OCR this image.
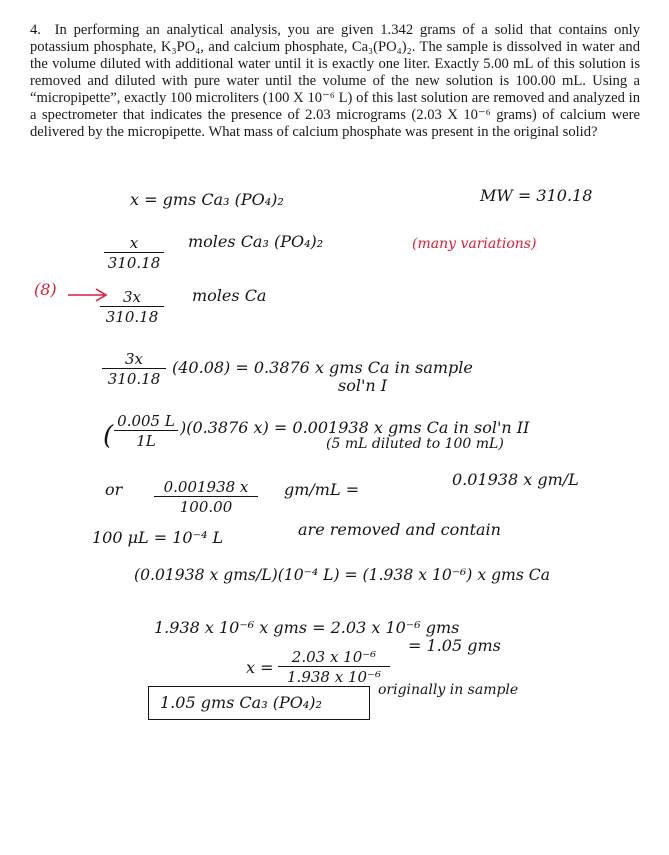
4. In performing an analytical analysis, you are given 1.342 grams of a solid that contains only potassium phosphate, K₃PO₄, and calcium phosphate, Ca₃(PO₄)₂. The sample is dissolved in water and the volume diluted with additional water until it is exactly one liter. Exactly 5.00 mL of this solution is removed and diluted with pure water until the volume of the new solution is 100.00 mL. Using a “micropipette”, exactly 100 microliters (100 X 10⁻⁶ L) of this last solution are removed and analyzed in a spectrometer that indicates the presence of 2.03 micrograms (2.03 X 10⁻⁶ grams) of calcium were delivered by the micropipette. What mass of calcium phosphate was present in the original solid?

x = gms Ca₃ (PO₄)₂	MW = 310.18
$\frac{x}{310.18}$ moles Ca₃ (PO₄)₂	(many variations)
(8)	$\frac{3x}{310.18}$ moles Ca
$\frac{3x}{310.18} (40.08) = 0.3876$ x gms Ca in sample
sol'n I
( $\frac{0.005 L}{1L} )(0.3876$ x) = 0.001938 x gms Ca in sol'n II
(5 mL diluted to 100 mL)
or $\frac{0.001938 x}{100.00} gm/mL$ =
0.01938 x gm/L
100 μL = 10⁻⁴ L	are removed and contain
(0.01938 x gms/L)(10⁻⁴ L) = (1.938 x 10⁻⁶) x gms Ca
1.938 x 10⁻⁶ x gms = 2.03 x 10⁻⁶ gms
$x = \frac{\text{2.03 x 10⁻⁶}}{\text{1.938 x 10⁻⁶}}$
= 1.05 gms
1.05 gms Ca₃ (PO₄)₂
originally in sample
